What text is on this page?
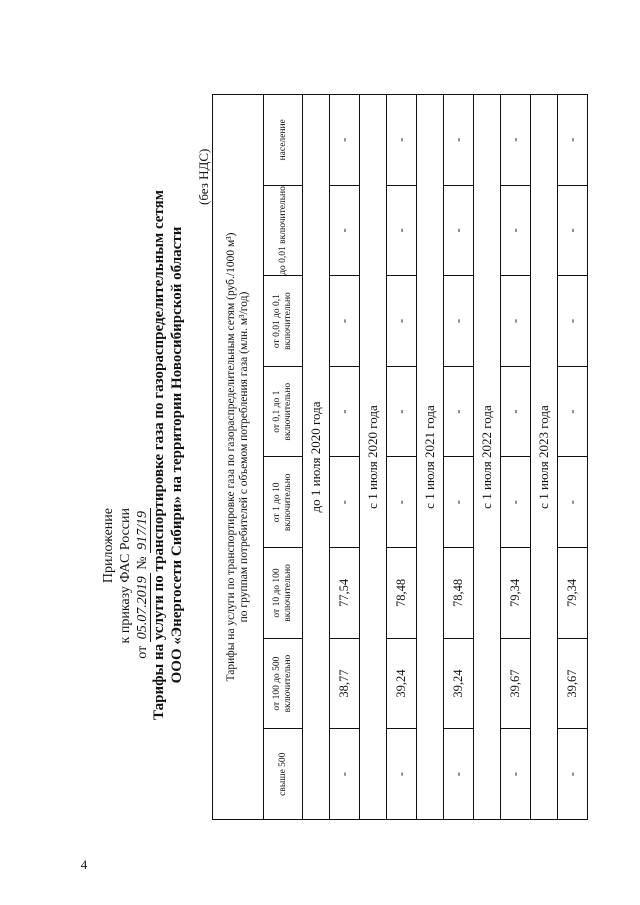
4
Приложение к приказу ФАС России
от 05.07.2019 № 917/19 Тарифы на услуги по транспортировке газа по газораспределительным сетям ООО «Энергосети Сибири» на территории Новосибирской области
(без НДС)
Тарифы на услуги по транспортировке газа по газораспределительным сетям (руб./1000 м³) по группам потребителей с объемом потребления газа (млн. м³/год)							

свыше 500	от 100 до 500 включительно	от 10 до 100 включительно	от 1 до 10 включительно	от 0,1 до 1 включительно	от 0,01 до 0,1 включительно	до 0,01 включительно	население
до 1 июля 2020 года							
-	38,77	77,54	-	-	-	-	-
с 1 июля 2020 года							
-	39,24	78,48	-	-	-	-	-
с 1 июля 2021 года							
-	39,24	78,48	-	-	-	-	-
с 1 июля 2022 года							
-	39,67	79,34	-	-	-	-	-
с 1 июля 2023 года							
-	39,67	79,34	-	-	-	-	-
